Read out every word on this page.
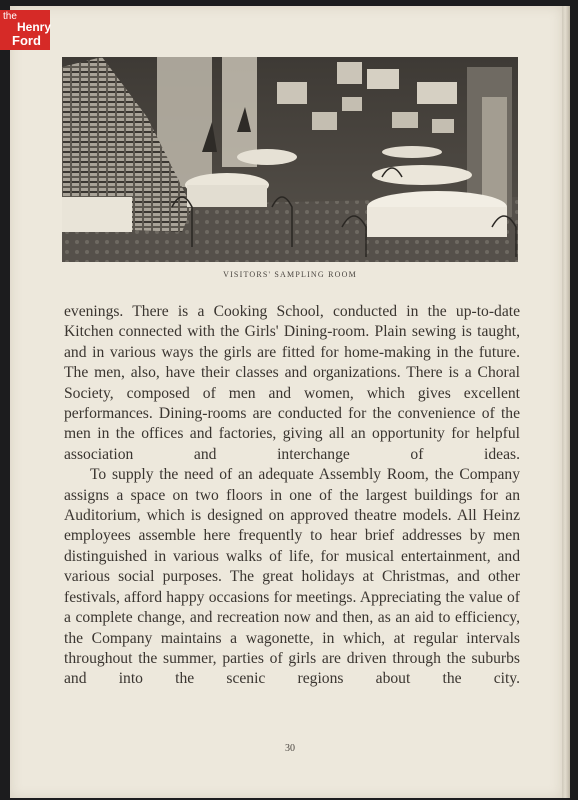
the
Henry
Ford
VISITORS' SAMPLING ROOM

evenings. There is a Cooking School, conducted in the up-to-date Kitchen connected with the Girls' Dining-room. Plain sewing is taught, and in various ways the girls are fitted for home-making in the future. The men, also, have their classes and organizations. There is a Choral Society, composed of men and women, which gives excellent performances. Dining-rooms are conducted for the convenience of the men in the offices and factories, giving all an opportunity for helpful association and interchange of ideas.

To supply the need of an adequate Assembly Room, the Company assigns a space on two floors in one of the largest buildings for an Auditorium, which is designed on approved theatre models. All Heinz employees assemble here frequently to hear brief addresses by men distinguished in various walks of life, for musical entertainment, and various social purposes. The great holidays at Christmas, and other festivals, afford happy occasions for meetings. Appreciating the value of a complete change, and recreation now and then, as an aid to efficiency, the Company maintains a wagonette, in which, at regular intervals throughout the summer, parties of girls are driven through the suburbs and into the scenic regions about the city.

30
